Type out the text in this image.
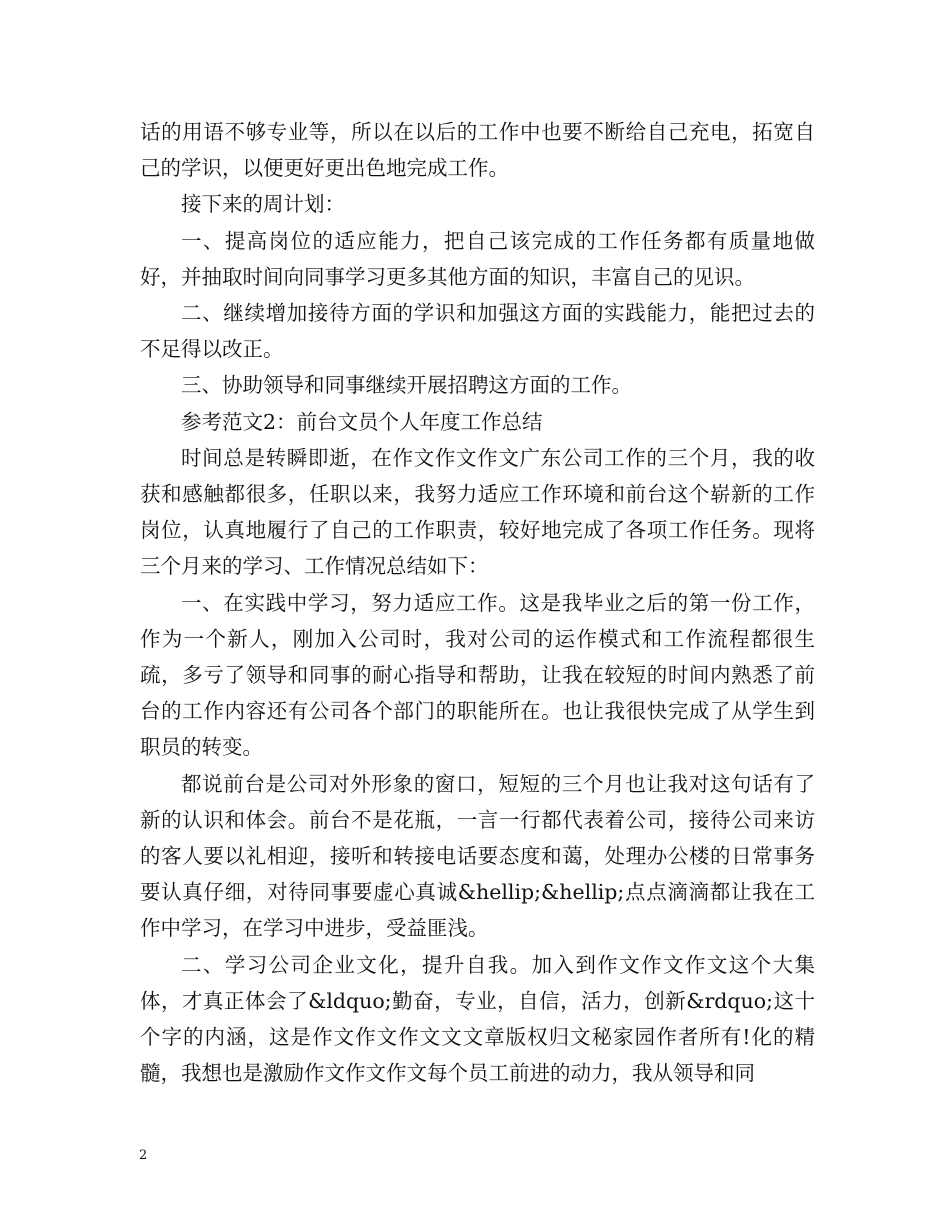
话的用语不够专业等，所以在以后的工作中也要不断给自己充电，拓宽自己的学识，以便更好更出色地完成工作。

接下来的周计划：

一、提高岗位的适应能力，把自己该完成的工作任务都有质量地做好，并抽取时间向同事学习更多其他方面的知识，丰富自己的见识。

二、继续增加接待方面的学识和加强这方面的实践能力，能把过去的不足得以改正。

三、协助领导和同事继续开展招聘这方面的工作。

参考范文2：前台文员个人年度工作总结

时间总是转瞬即逝，在作文作文作文广东公司工作的三个月，我的收获和感触都很多，任职以来，我努力适应工作环境和前台这个崭新的工作岗位，认真地履行了自己的工作职责，较好地完成了各项工作任务。现将三个月来的学习、工作情况总结如下：

一、在实践中学习，努力适应工作。这是我毕业之后的第一份工作，作为一个新人，刚加入公司时，我对公司的运作模式和工作流程都很生疏，多亏了领导和同事的耐心指导和帮助，让我在较短的时间内熟悉了前台的工作内容还有公司各个部门的职能所在。也让我很快完成了从学生到职员的转变。

都说前台是公司对外形象的窗口，短短的三个月也让我对这句话有了新的认识和体会。前台不是花瓶，一言一行都代表着公司，接待公司来访的客人要以礼相迎，接听和转接电话要态度和蔼，处理办公楼的日常事务要认真仔细，对待同事要虚心真诚&hellip;&hellip;点点滴滴都让我在工作中学习，在学习中进步，受益匪浅。

二、学习公司企业文化，提升自我。加入到作文作文作文这个大集体，才真正体会了&ldquo;勤奋，专业，自信，活力，创新&rdquo;这十个字的内涵，这是作文作文作文文文章版权归文秘家园作者所有!化的精髓，我想也是激励作文作文作文每个员工前进的动力，我从领导和同

2
